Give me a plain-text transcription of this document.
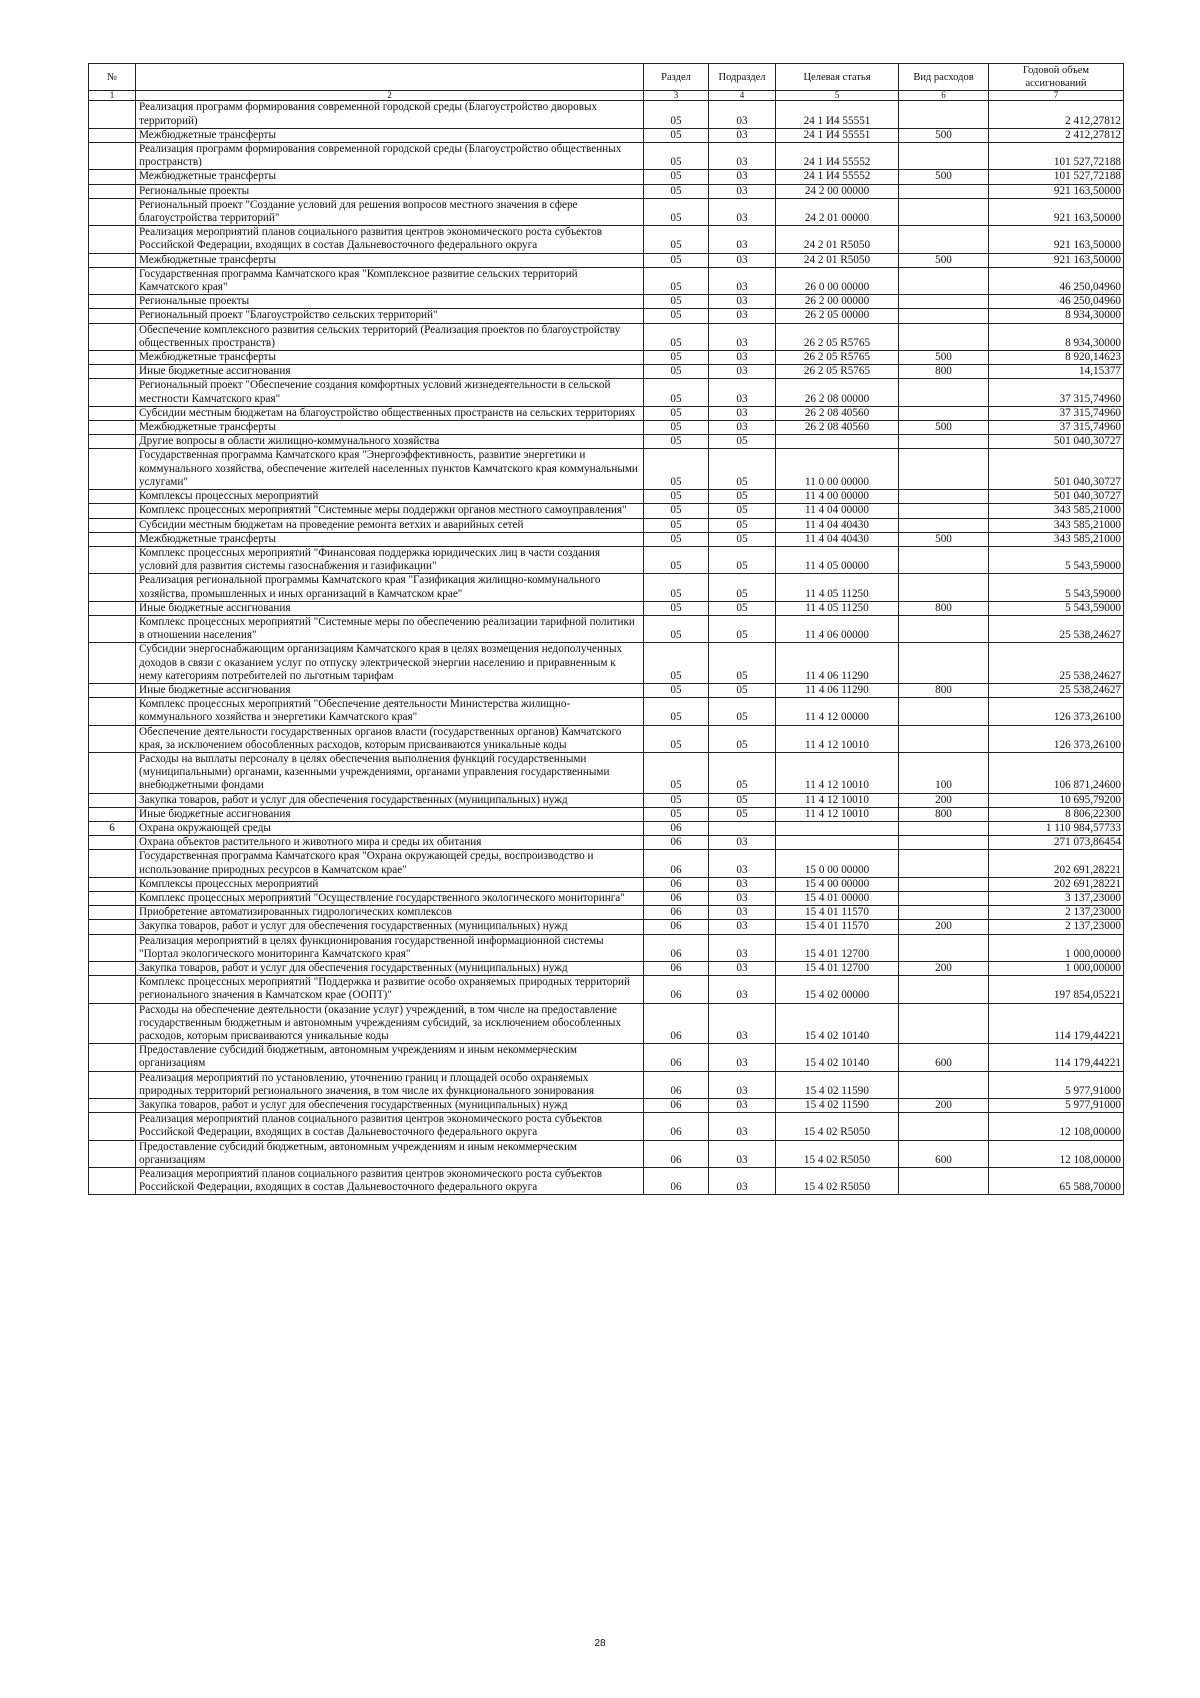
№		Раздел	Подраздел	Целевая статья	Вид расходов	Годовой объем ассигнований
1	2	3	4	5	6	7
	Реализация программ формирования современной городской среды (Благоустройство дворовых территорий)	05	03	24 1 И4 55551		2 412,27812
	Межбюджетные трансферты	05	03	24 1 И4 55551	500	2 412,27812
	Реализация программ формирования современной городской среды (Благоустройство общественных пространств)	05	03	24 1 И4 55552		101 527,72188
	Межбюджетные трансферты	05	03	24 1 И4 55552	500	101 527,72188
	Региональные проекты	05	03	24 2 00 00000		921 163,50000
	Региональный проект "Создание условий для решения вопросов местного значения в сфере благоустройства территорий"	05	03	24 2 01 00000		921 163,50000
	Реализация мероприятий планов социального развития центров экономического роста субъектов Российской Федерации, входящих в состав Дальневосточного федерального округа	05	03	24 2 01 R5050		921 163,50000
	Межбюджетные трансферты	05	03	24 2 01 R5050	500	921 163,50000
	Государственная программа Камчатского края "Комплексное развитие сельских территорий Камчатского края"	05	03	26 0 00 00000		46 250,04960
	Региональные проекты	05	03	26 2 00 00000		46 250,04960
	Региональный проект "Благоустройство сельских территорий"	05	03	26 2 05 00000		8 934,30000
	Обеспечение комплексного развития сельских территорий (Реализация проектов по благоустройству общественных пространств)	05	03	26 2 05 R5765		8 934,30000
	Межбюджетные трансферты	05	03	26 2 05 R5765	500	8 920,14623
	Иные бюджетные ассигнования	05	03	26 2 05 R5765	800	14,15377
	Региональный проект "Обеспечение создания комфортных условий жизнедеятельности в сельской местности Камчатского края"	05	03	26 2 08 00000		37 315,74960
	Субсидии местным бюджетам на благоустройство общественных пространств на сельских территориях	05	03	26 2 08 40560		37 315,74960
	Межбюджетные трансферты	05	03	26 2 08 40560	500	37 315,74960
	Другие вопросы в области жилищно-коммунального хозяйства	05	05			501 040,30727
	Государственная программа Камчатского края "Энергоэффективность, развитие энергетики и коммунального хозяйства, обеспечение жителей населенных пунктов Камчатского края коммунальными услугами"	05	05	11 0 00 00000		501 040,30727
	Комплексы процессных мероприятий	05	05	11 4 00 00000		501 040,30727
	Комплекс процессных мероприятий "Системные меры поддержки органов местного самоуправления"	05	05	11 4 04 00000		343 585,21000
	Субсидии местным бюджетам на проведение ремонта ветхих и аварийных сетей	05	05	11 4 04 40430		343 585,21000
	Межбюджетные трансферты	05	05	11 4 04 40430	500	343 585,21000
	Комплекс процессных мероприятий "Финансовая поддержка юридических лиц в части создания условий для развития системы газоснабжения и газификации"	05	05	11 4 05 00000		5 543,59000
	Реализация региональной программы Камчатского края "Газификация жилищно-коммунального хозяйства, промышленных и иных организаций в Камчатском крае"	05	05	11 4 05 11250		5 543,59000
	Иные бюджетные ассигнования	05	05	11 4 05 11250	800	5 543,59000
	Комплекс процессных мероприятий "Системные меры по обеспечению реализации тарифной политики в отношении населения"	05	05	11 4 06 00000		25 538,24627
	Субсидии энергоснабжающим организациям Камчатского края в целях возмещения недополученных доходов в связи с оказанием услуг по отпуску электрической энергии населению и приравненным к нему категориям потребителей по льготным тарифам	05	05	11 4 06 11290		25 538,24627
	Иные бюджетные ассигнования	05	05	11 4 06 11290	800	25 538,24627
	Комплекс процессных мероприятий "Обеспечение деятельности Министерства жилищно-коммунального хозяйства и энергетики Камчатского края"	05	05	11 4 12 00000		126 373,26100
	Обеспечение деятельности государственных органов власти (государственных органов) Камчатского края, за исключением обособленных расходов, которым присваиваются уникальные коды	05	05	11 4 12 10010		126 373,26100
	Расходы на выплаты персоналу в целях обеспечения выполнения функций государственными (муниципальными) органами, казенными учреждениями, органами управления государственными внебюджетными фондами	05	05	11 4 12 10010	100	106 871,24600
	Закупка товаров, работ и услуг для обеспечения государственных (муниципальных) нужд	05	05	11 4 12 10010	200	10 695,79200
	Иные бюджетные ассигнования	05	05	11 4 12 10010	800	8 806,22300
6	Охрана окружающей среды	06				1 110 984,57733
	Охрана объектов растительного и животного мира и среды их обитания	06	03			271 073,86454
	Государственная программа Камчатского края "Охрана окружающей среды, воспроизводство и использование природных ресурсов в Камчатском крае"	06	03	15 0 00 00000		202 691,28221
	Комплексы процессных мероприятий	06	03	15 4 00 00000		202 691,28221
	Комплекс процессных мероприятий "Осуществление государственного экологического мониторинга"	06	03	15 4 01 00000		3 137,23000
	Приобретение автоматизированных гидрологических комплексов	06	03	15 4 01 11570		2 137,23000
	Закупка товаров, работ и услуг для обеспечения государственных (муниципальных) нужд	06	03	15 4 01 11570	200	2 137,23000
	Реализация мероприятий в целях функционирования государственной информационной системы "Портал экологического мониторинга Камчатского края"	06	03	15 4 01 12700		1 000,00000
	Закупка товаров, работ и услуг для обеспечения государственных (муниципальных) нужд	06	03	15 4 01 12700	200	1 000,00000
	Комплекс процессных мероприятий "Поддержка и развитие особо охраняемых природных территорий регионального значения в Камчатском крае (ООПТ)"	06	03	15 4 02 00000		197 854,05221
	Расходы на обеспечение деятельности (оказание услуг) учреждений, в том числе на предоставление государственным бюджетным и автономным учреждениям субсидий, за исключением обособленных расходов, которым присваиваются уникальные коды	06	03	15 4 02 10140		114 179,44221
	Предоставление субсидий бюджетным, автономным учреждениям и иным некоммерческим организациям	06	03	15 4 02 10140	600	114 179,44221
	Реализация мероприятий по установлению, уточнению границ и площадей особо охраняемых природных территорий регионального значения, в том числе их функционального зонирования	06	03	15 4 02 11590		5 977,91000
	Закупка товаров, работ и услуг для обеспечения государственных (муниципальных) нужд	06	03	15 4 02 11590	200	5 977,91000
	Реализация мероприятий планов социального развития центров экономического роста субъектов Российской Федерации, входящих в состав Дальневосточного федерального округа	06	03	15 4 02 R5050		12 108,00000
	Предоставление субсидий бюджетным, автономным учреждениям и иным некоммерческим организациям	06	03	15 4 02 R5050	600	12 108,00000
	Реализация мероприятий планов социального развития центров экономического роста субъектов Российской Федерации, входящих в состав Дальневосточного федерального округа	06	03	15 4 02 R5050		65 588,70000
28
